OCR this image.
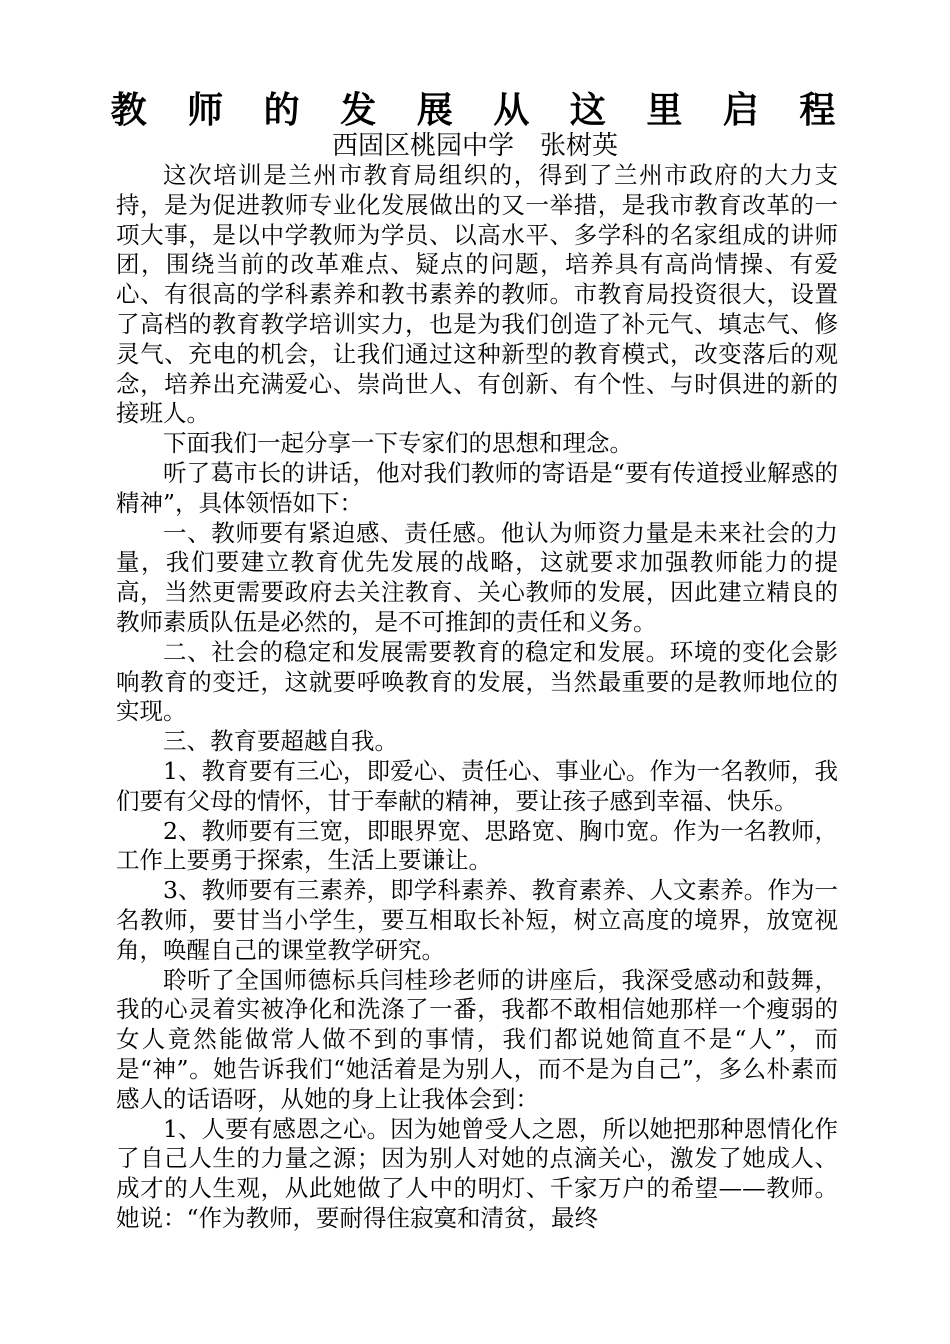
教 师 的 发 展 从 这 里 启 程
西固区桃园中学　张树英

这次培训是兰州市教育局组织的，得到了兰州市政府的大力支持，是为促进教师专业化发展做出的又一举措，是我市教育改革的一项大事，是以中学教师为学员、以高水平、多学科的名家组成的讲师团，围绕当前的改革难点、疑点的问题，培养具有高尚情操、有爱心、有很高的学科素养和教书素养的教师。市教育局投资很大，设置了高档的教育教学培训实力，也是为我们创造了补元气、填志气、修灵气、充电的机会，让我们通过这种新型的教育模式，改变落后的观念，培养出充满爱心、崇尚世人、有创新、有个性、与时俱进的新的接班人。

下面我们一起分享一下专家们的思想和理念。

听了葛市长的讲话，他对我们教师的寄语是“要有传道授业解惑的精神”，具体领悟如下：

一、教师要有紧迫感、责任感。他认为师资力量是未来社会的力量，我们要建立教育优先发展的战略，这就要求加强教师能力的提高，当然更需要政府去关注教育、关心教师的发展，因此建立精良的教师素质队伍是必然的，是不可推卸的责任和义务。

二、社会的稳定和发展需要教育的稳定和发展。环境的变化会影响教育的变迁，这就要呼唤教育的发展，当然最重要的是教师地位的实现。

三、教育要超越自我。

1、教育要有三心，即爱心、责任心、事业心。作为一名教师，我们要有父母的情怀，甘于奉献的精神，要让孩子感到幸福、快乐。

2、教师要有三宽，即眼界宽、思路宽、胸巾宽。作为一名教师，工作上要勇于探索，生活上要谦让。

3、教师要有三素养，即学科素养、教育素养、人文素养。作为一名教师，要甘当小学生，要互相取长补短，树立高度的境界，放宽视角，唤醒自己的课堂教学研究。

聆听了全国师德标兵闫桂珍老师的讲座后，我深受感动和鼓舞，我的心灵着实被净化和洗涤了一番，我都不敢相信她那样一个瘦弱的女人竟然能做常人做不到的事情，我们都说她简直不是“人”，而是“神”。她告诉我们“她活着是为别人，而不是为自己”，多么朴素而感人的话语呀，从她的身上让我体会到：

1、人要有感恩之心。因为她曾受人之恩，所以她把那种恩情化作了自己人生的力量之源；因为别人对她的点滴关心，激发了她成人、成才的人生观，从此她做了人中的明灯、千家万户的希望——教师。她说：“作为教师，要耐得住寂寞和清贫，最终
